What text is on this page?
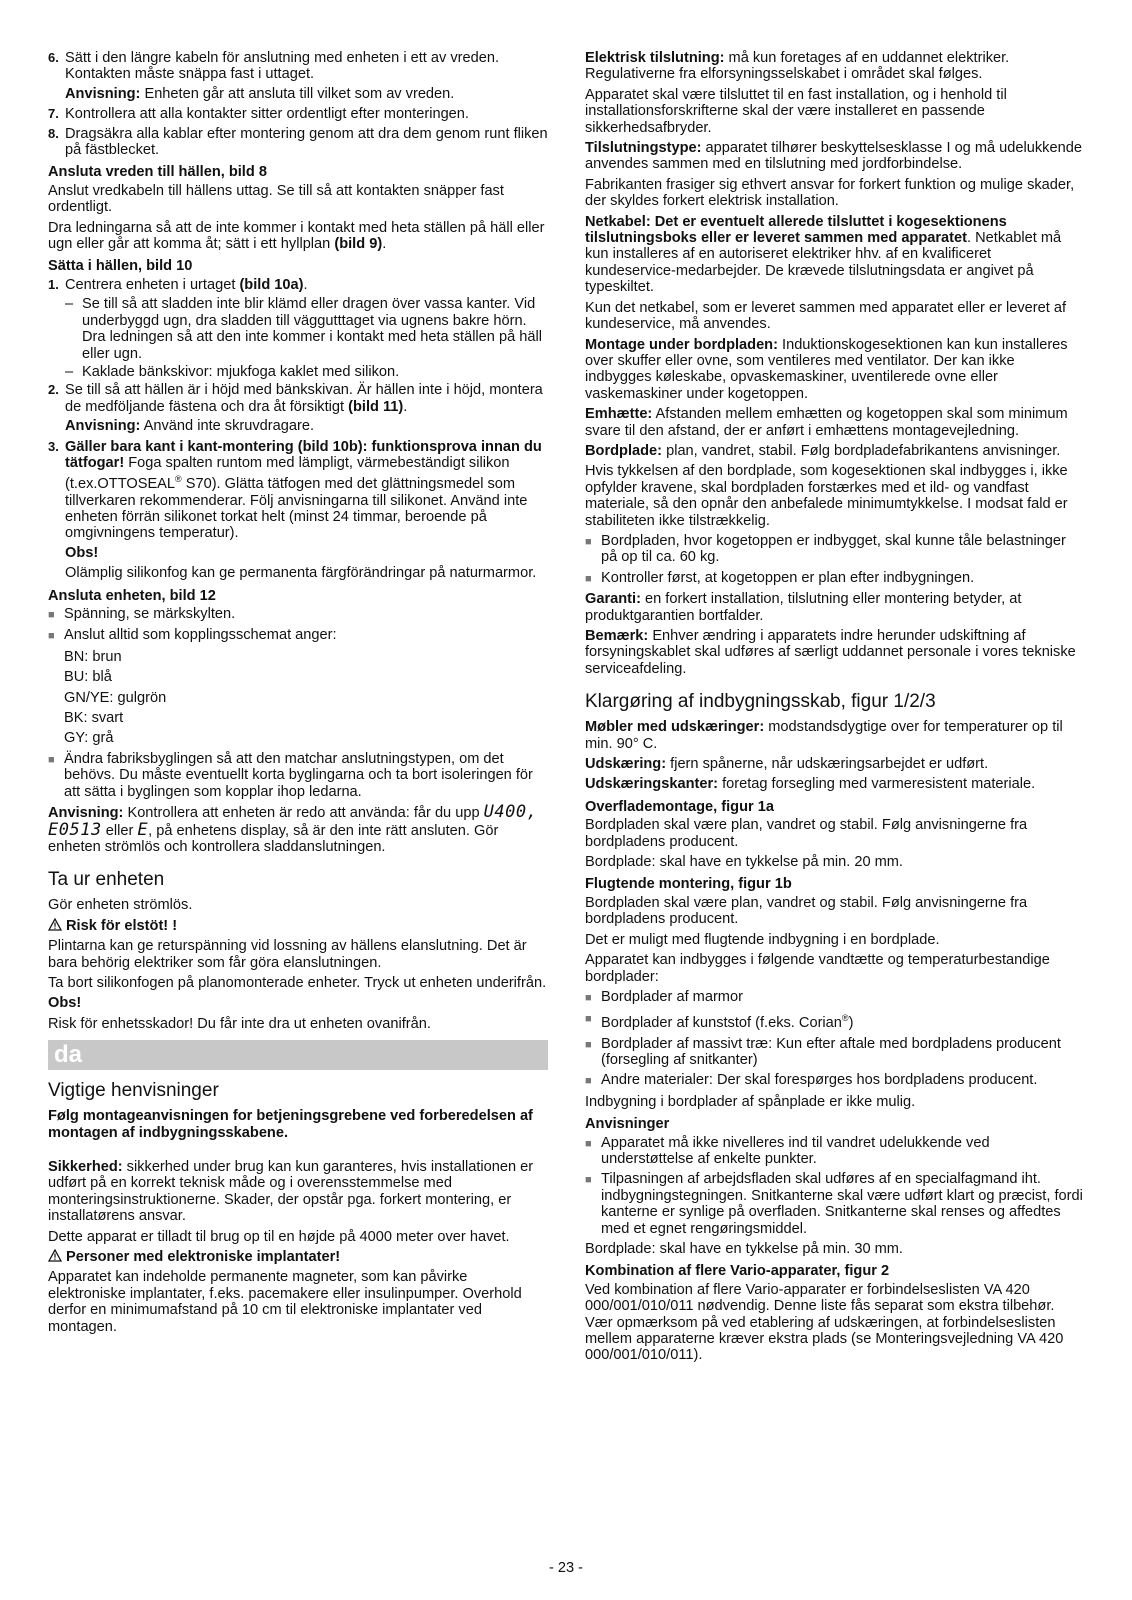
6. Sätt i den längre kabeln för anslutning med enheten i ett av vreden. Kontakten måste snäppa fast i uttaget.

Anvisning: Enheten går att ansluta till vilket som av vreden.

7. Kontrollera att alla kontakter sitter ordentligt efter monteringen.
8. Dragsäkra alla kablar efter montering genom att dra dem genom runt fliken på fästblecket.
Ansluta vreden till hällen, bild 8

Anslut vredkabeln till hällens uttag. Se till så att kontakten snäpper fast ordentligt.

Dra ledningarna så att de inte kommer i kontakt med heta ställen på häll eller ugn eller går att komma åt; sätt i ett hyllplan (bild 9).

Sätta i hällen, bild 10
1. Centrera enheten i urtaget (bild 10a).
– Se till så att sladden inte blir klämd eller dragen över vassa kanter. Vid underbyggd ugn, dra sladden till väggutttaget via ugnens bakre hörn. Dra ledningen så att den inte kommer i kontakt med heta ställen på häll eller ugn.
– Kaklade bänkskivor: mjukfoga kaklet med silikon.
2. Se till så att hällen är i höjd med bänkskivan. Är hällen inte i höjd, montera de medföljande fästena och dra åt försiktigt (bild 11).

Anvisning: Använd inte skruvdragare.

3. Gäller bara kant i kant-montering (bild 10b): funktionsprova innan du tätfogar! Foga spalten runtom med lämpligt, värmebeständigt silikon (t.ex.OTTOSEAL® S70). Glätta tätfogen med det glättningsmedel som tillverkaren rekommenderar. Följ anvisningarna till silikonet. Använd inte enheten förrän silikonet torkat helt (minst 24 timmar, beroende på omgivningens temperatur).

Obs!

Olämplig silikonfog kan ge permanenta färgförändringar på naturmarmor.

Ansluta enheten, bild 12
■ Spänning, se märkskylten.
■ Anslut alltid som kopplingsschemat anger:

BN: brun

BU: blå

GN/YE: gulgrön

BK: svart

GY: grå

■ Ändra fabriksbyglingen så att den matchar anslutningstypen, om det behövs. Du måste eventuellt korta byglingarna och ta bort isoleringen för att sätta i byglingen som kopplar ihop ledarna.

Anvisning: Kontrollera att enheten är redo att använda: får du upp U400, E0513 eller E, på enhetens display, så är den inte rätt ansluten. Gör enheten strömlös och kontrollera sladdanslutningen.

Ta ur enheten

Gör enheten strömlös.

Risk för elstöt! !

Plintarna kan ge returspänning vid lossning av hällens elanslutning. Det är bara behörig elektriker som får göra elanslutningen.

Ta bort silikonfogen på planomonterade enheter. Tryck ut enheten underifrån.

Obs!

Risk för enhetsskador! Du får inte dra ut enheten ovanifrån.

da
Vigtige henvisninger

Følg montageanvisningen for betjeningsgrebene ved forberedelsen af montagen af indbygningsskabene.

Sikkerhed: sikkerhed under brug kan kun garanteres, hvis installationen er udført på en korrekt teknisk måde og i overensstemmelse med monteringsinstruktionerne. Skader, der opstår pga. forkert montering, er installatørens ansvar.

Dette apparat er tilladt til brug op til en højde på 4000 meter over havet.

Personer med elektroniske implantater!

Apparatet kan indeholde permanente magneter, som kan påvirke elektroniske implantater, f.eks. pacemakere eller insulinpumper. Overhold derfor en minimumafstand på 10 cm til elektroniske implantater ved montagen.

Elektrisk tilslutning: må kun foretages af en uddannet elektriker. Regulativerne fra elforsyningsselskabet i området skal følges.

Apparatet skal være tilsluttet til en fast installation, og i henhold til installationsforskrifterne skal der være installeret en passende sikkerhedsafbryder.

Tilslutningstype: apparatet tilhører beskyttelsesklasse I og må udelukkende anvendes sammen med en tilslutning med jordforbindelse.

Fabrikanten frasiger sig ethvert ansvar for forkert funktion og mulige skader, der skyldes forkert elektrisk installation.

Netkabel: Det er eventuelt allerede tilsluttet i kogesektionens tilslutningsboks eller er leveret sammen med apparatet. Netkablet må kun installeres af en autoriseret elektriker hhv. af en kvalificeret kundeservice-medarbejder. De krævede tilslutningsdata er angivet på typeskiltet.

Kun det netkabel, som er leveret sammen med apparatet eller er leveret af kundeservice, må anvendes.

Montage under bordpladen: Induktionskogesektionen kan kun installeres over skuffer eller ovne, som ventileres med ventilator. Der kan ikke indbygges køleskabe, opvaskemaskiner, uventilerede ovne eller vaskemaskiner under kogetoppen.

Emhætte: Afstanden mellem emhætten og kogetoppen skal som minimum svare til den afstand, der er anført i emhættens montagevejledning.

Bordplade: plan, vandret, stabil. Følg bordpladefabrikantens anvisninger.

Hvis tykkelsen af den bordplade, som kogesektionen skal indbygges i, ikke opfylder kravene, skal bordpladen forstærkes med et ild- og vandfast materiale, så den opnår den anbefalede minimumtykkelse. I modsat fald er stabiliteten ikke tilstrækkelig.

■ Bordpladen, hvor kogetoppen er indbygget, skal kunne tåle belastninger på op til ca. 60 kg.
■ Kontroller først, at kogetoppen er plan efter indbygningen.

Garanti: en forkert installation, tilslutning eller montering betyder, at produktgarantien bortfalder.

Bemærk: Enhver ændring i apparatets indre herunder udskiftning af forsyningskablet skal udføres af særligt uddannet personale i vores tekniske serviceafdeling.

Klargøring af indbygningsskab, figur 1/2/3

Møbler med udskæringer: modstandsdygtige over for temperaturer op til min. 90° C.

Udskæring: fjern spånerne, når udskæringsarbejdet er udført.

Udskæringskanter: foretag forsegling med varmeresistent materiale.

Overflademontage, figur 1a

Bordpladen skal være plan, vandret og stabil. Følg anvisningerne fra bordpladens producent.

Bordplade: skal have en tykkelse på min. 20 mm.

Flugtende montering, figur 1b

Bordpladen skal være plan, vandret og stabil. Følg anvisningerne fra bordpladens producent.

Det er muligt med flugtende indbygning i en bordplade.

Apparatet kan indbygges i følgende vandtætte og temperaturbestandige bordplader:

■ Bordplader af marmor
■ Bordplader af kunststof (f.eks. Corian®)
■ Bordplader af massivt træ: Kun efter aftale med bordpladens producent (forsegling af snitkanter)
■ Andre materialer: Der skal forespørges hos bordpladens producent.

Indbygning i bordplader af spånplade er ikke mulig.

Anvisninger
■ Apparatet må ikke nivelleres ind til vandret udelukkende ved understøttelse af enkelte punkter.
■ Tilpasningen af arbejdsfladen skal udføres af en specialfagmand iht. indbygningstegningen. Snitkanterne skal være udført klart og præcist, fordi kanterne er synlige på overfladen. Snitkanterne skal renses og affedtes med et egnet rengøringsmiddel.

Bordplade: skal have en tykkelse på min. 30 mm.

Kombination af flere Vario-apparater, figur 2

Ved kombination af flere Vario-apparater er forbindelseslisten VA 420 000/001/010/011 nødvendig. Denne liste fås separat som ekstra tilbehør. Vær opmærksom på ved etablering af udskæringen, at forbindelseslisten mellem apparaterne kræver ekstra plads (se Monteringsvejledning VA 420 000/001/010/011).

- 23 -
